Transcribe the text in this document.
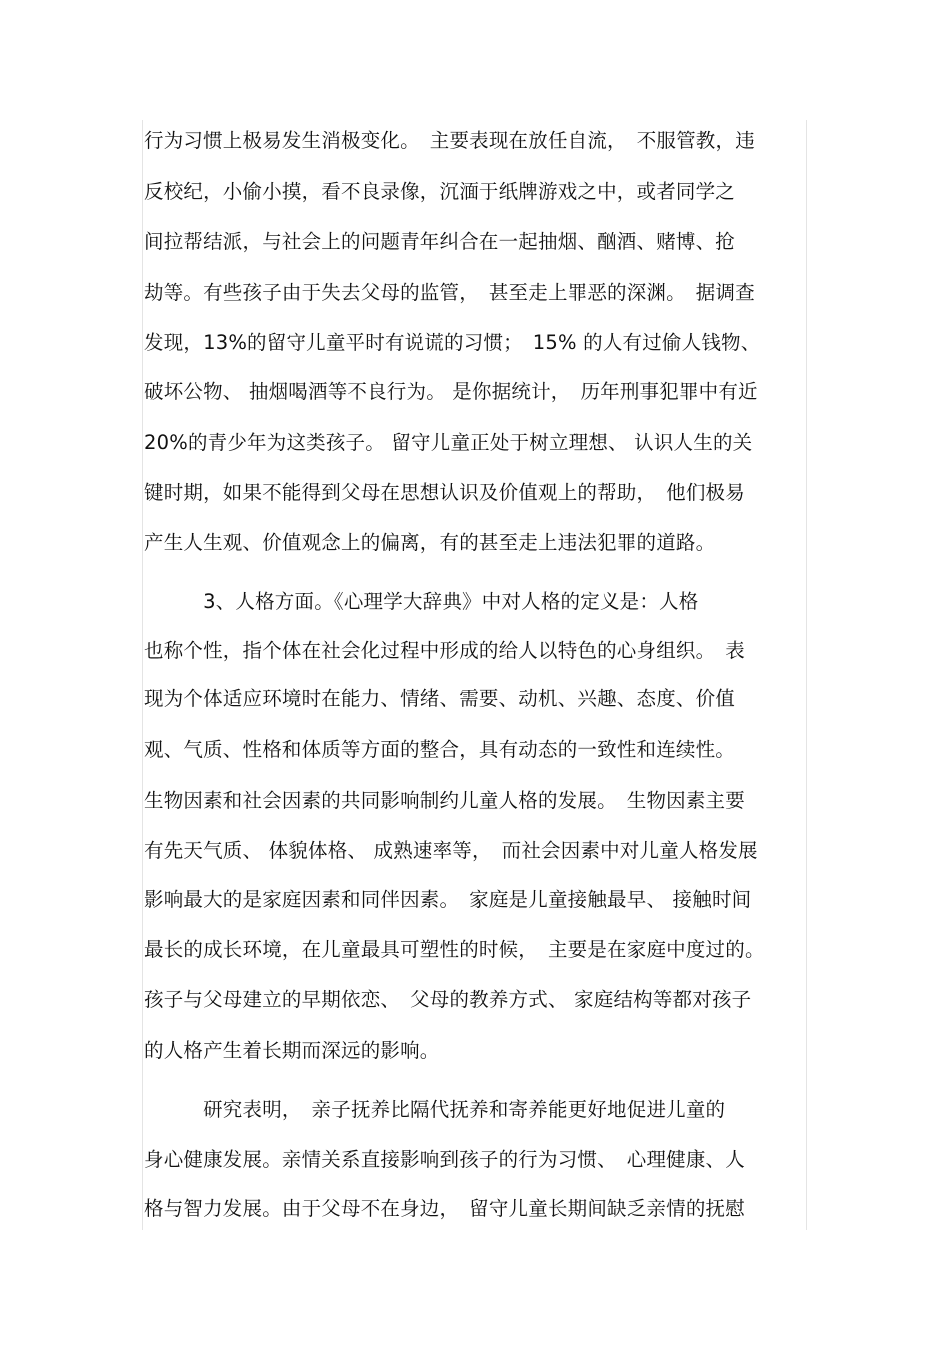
行为习惯上极易发生消极变化。　主要表现在放任自流，　不服管教，违
反校纪，小偷小摸，看不良录像，沉湎于纸牌游戏之中，或者同学之
间拉帮结派，与社会上的问题青年纠合在一起抽烟、酗酒、赌博、抢
劫等。有些孩子由于失去父母的监管，　甚至走上罪恶的深渊。　据调查
发现，13%的留守儿童平时有说谎的习惯；　15% 的人有过偷人钱物、
破坏公物、 抽烟喝酒等不良行为。 是你据统计，　历年刑事犯罪中有近
20%的青少年为这类孩子。 留守儿童正处于树立理想、 认识人生的关
键时期，如果不能得到父母在思想认识及价值观上的帮助，　他们极易
产生人生观、价值观念上的偏离，有的甚至走上违法犯罪的道路。
　　　3、人格方面。《心理学大辞典》中对人格的定义是：人格
也称个性，指个体在社会化过程中形成的给人以特色的心身组织。　表
现为个体适应环境时在能力、情绪、需要、动机、兴趣、态度、价值
观、气质、性格和体质等方面的整合，具有动态的一致性和连续性。
生物因素和社会因素的共同影响制约儿童人格的发展。　生物因素主要
有先天气质、 体貌体格、 成熟速率等，　而社会因素中对儿童人格发展
影响最大的是家庭因素和同伴因素。　家庭是儿童接触最早、 接触时间
最长的成长环境，在儿童最具可塑性的时候，　主要是在家庭中度过的。
孩子与父母建立的早期依恋、　父母的教养方式、 家庭结构等都对孩子
的人格产生着长期而深远的影响。
　　　研究表明，　亲子抚养比隔代抚养和寄养能更好地促进儿童的
身心健康发展。亲情关系直接影响到孩子的行为习惯、　心理健康、人
格与智力发展。由于父母不在身边，　留守儿童长期间缺乏亲情的抚慰
